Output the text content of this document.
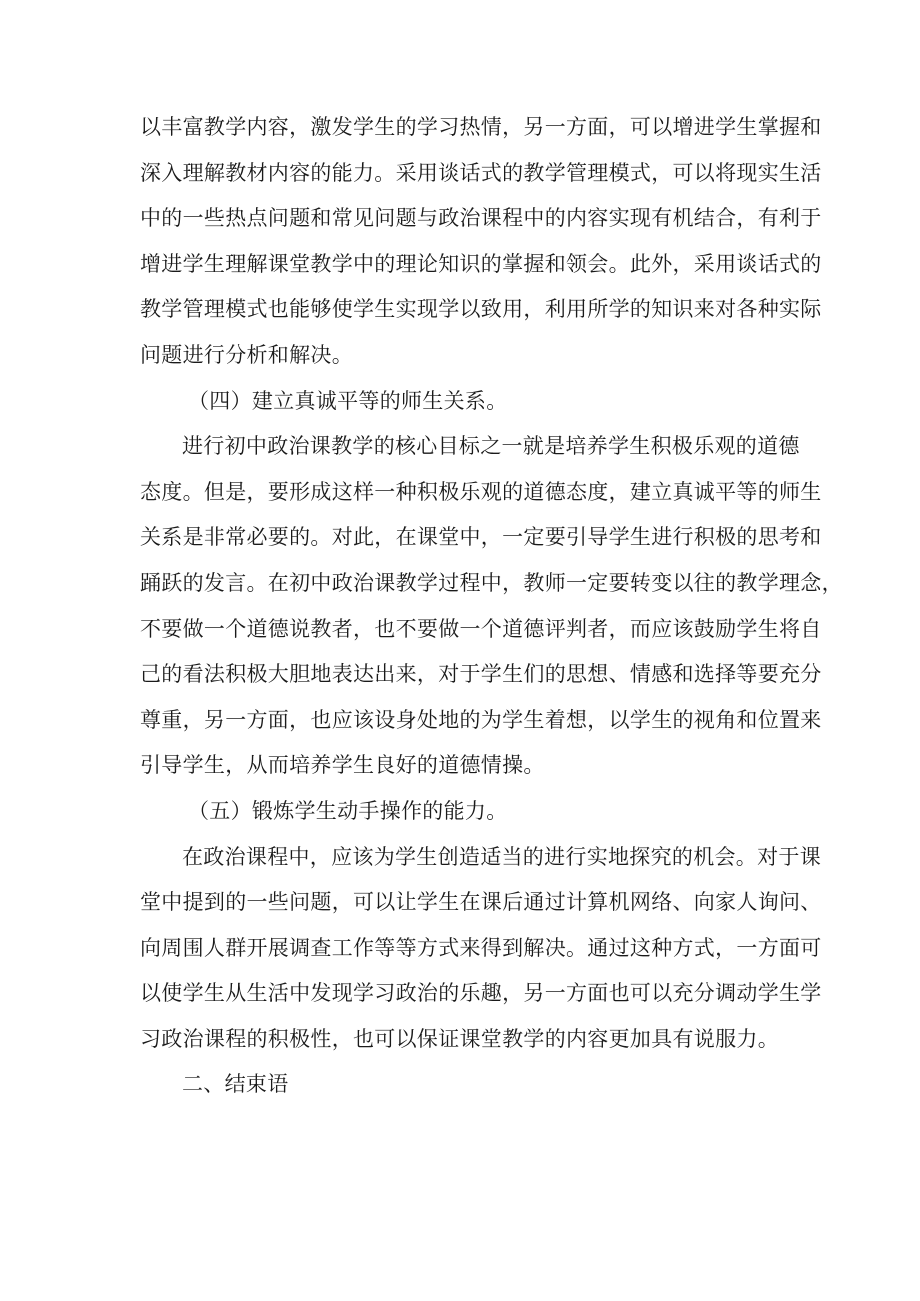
以丰富教学内容，激发学生的学习热情，另一方面，可以增进学生掌握和
深入理解教材内容的能力。采用谈话式的教学管理模式，可以将现实生活
中的一些热点问题和常见问题与政治课程中的内容实现有机结合，有利于
增进学生理解课堂教学中的理论知识的掌握和领会。此外，采用谈话式的
教学管理模式也能够使学生实现学以致用，利用所学的知识来对各种实际
问题进行分析和解决。
（四）建立真诚平等的师生关系。
进行初中政治课教学的核心目标之一就是培养学生积极乐观的道德
态度。但是，要形成这样一种积极乐观的道德态度，建立真诚平等的师生
关系是非常必要的。对此，在课堂中，一定要引导学生进行积极的思考和
踊跃的发言。在初中政治课教学过程中，教师一定要转变以往的教学理念，
不要做一个道德说教者，也不要做一个道德评判者，而应该鼓励学生将自
己的看法积极大胆地表达出来，对于学生们的思想、情感和选择等要充分
尊重，另一方面，也应该设身处地的为学生着想，以学生的视角和位置来
引导学生，从而培养学生良好的道德情操。
（五）锻炼学生动手操作的能力。
在政治课程中，应该为学生创造适当的进行实地探究的机会。对于课
堂中提到的一些问题，可以让学生在课后通过计算机网络、向家人询问、
向周围人群开展调查工作等等方式来得到解决。通过这种方式，一方面可
以使学生从生活中发现学习政治的乐趣，另一方面也可以充分调动学生学
习政治课程的积极性，也可以保证课堂教学的内容更加具有说服力。
二、结束语
